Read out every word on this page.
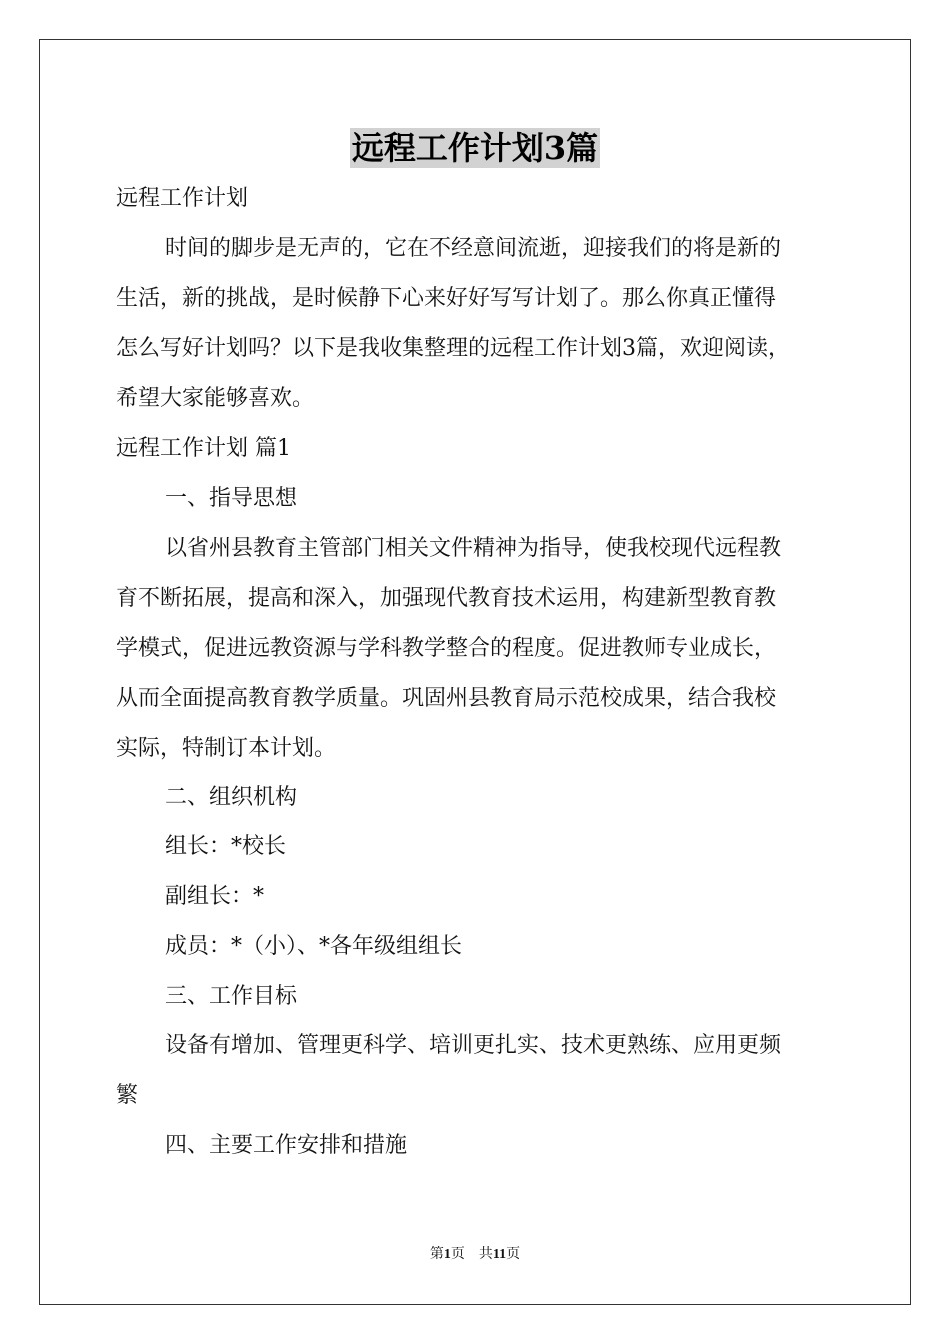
远程工作计划3篇

远程工作计划

时间的脚步是无声的，它在不经意间流逝，迎接我们的将是新的

生活，新的挑战，是时候静下心来好好写写计划了。那么你真正懂得

怎么写好计划吗？以下是我收集整理的远程工作计划3篇，欢迎阅读，

希望大家能够喜欢。

远程工作计划 篇1

一、指导思想

以省州县教育主管部门相关文件精神为指导，使我校现代远程教

育不断拓展，提高和深入，加强现代教育技术运用，构建新型教育教

学模式，促进远教资源与学科教学整合的程度。促进教师专业成长，

从而全面提高教育教学质量。巩固州县教育局示范校成果，结合我校

实际，特制订本计划。

二、组织机构

组长：*校长

副组长：*

成员：*（小）、*各年级组组长

三、工作目标

设备有增加、管理更科学、培训更扎实、技术更熟练、应用更频

繁

四、主要工作安排和措施

第1页　共11页
